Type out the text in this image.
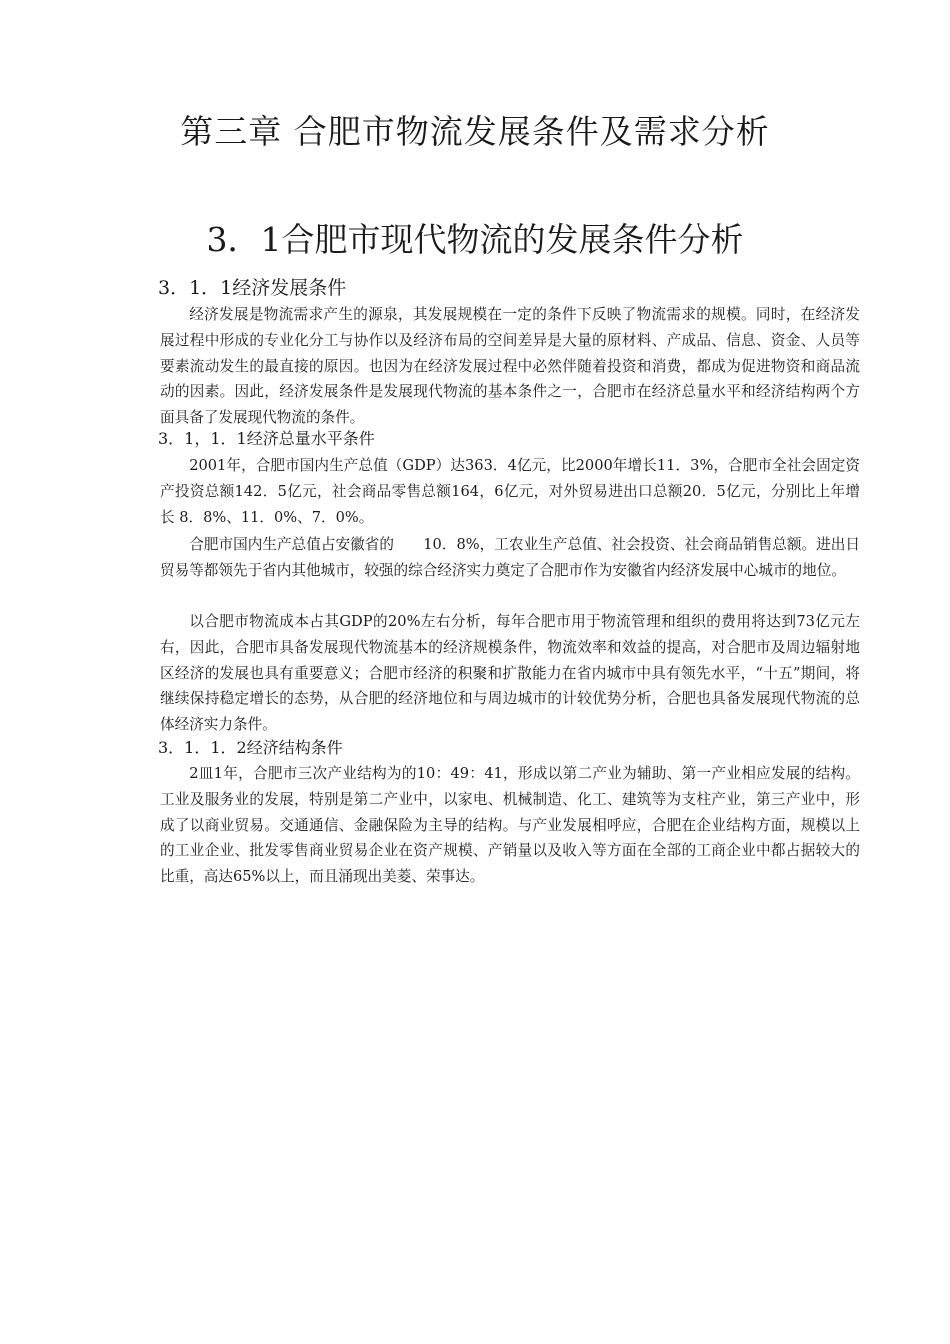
第三章 合肥市物流发展条件及需求分析
3．1合肥市现代物流的发展条件分析
3．1．1经济发展条件

经济发展是物流需求产生的源泉，其发展规模在一定的条件下反映了物流需求的规模。同时，在经济发展过程中形成的专业化分工与协作以及经济布局的空间差异是大量的原材料、产成品、信息、资金、人员等要素流动发生的最直接的原因。也因为在经济发展过程中必然伴随着投资和消费，都成为促进物资和商品流动的因素。因此，经济发展条件是发展现代物流的基本条件之一，合肥市在经济总量水平和经济结构两个方面具备了发展现代物流的条件。

3．1，1．1经济总量水平条件

2001年，合肥市国内生产总值（GDP）达363．4亿元，比2000年增长11．3%，合肥市全社会固定资产投资总额142．5亿元，社会商品零售总额164，6亿元，对外贸易进出口总额20．5亿元，分别比上年增长 8．8%、11．0%、7．0%。

合肥市国内生产总值占安徽省的　　10．8%，工农业生产总值、社会投资、社会商品销售总额。进出日贸易等都领先于省内其他城市，较强的综合经济实力奠定了合肥市作为安徽省内经济发展中心城市的地位。

以合肥市物流成本占其GDP的20%左右分析，每年合肥市用于物流管理和组织的费用将达到73亿元左右，因此，合肥市具备发展现代物流基本的经济规模条件，物流效率和效益的提高，对合肥市及周边辐射地区经济的发展也具有重要意义；合肥市经济的积聚和扩散能力在省内城市中具有领先水平，“十五”期间，将继续保持稳定增长的态势，从合肥的经济地位和与周边城市的计较优势分析，合肥也具备发展现代物流的总体经济实力条件。

3．1．1．2经济结构条件

2皿1年，合肥市三次产业结构为的10：49：41，形成以第二产业为辅助、第一产业相应发展的结构。工业及服务业的发展，特别是第二产业中，以家电、机械制造、化工、建筑等为支柱产业，第三产业中，形成了以商业贸易。交通通信、金融保险为主导的结构。与产业发展相呼应，合肥在企业结构方面，规模以上的工业企业、批发零售商业贸易企业在资产规模、产销量以及收入等方面在全部的工商企业中都占据较大的比重，高达65%以上，而且涌现出美菱、荣事达。
